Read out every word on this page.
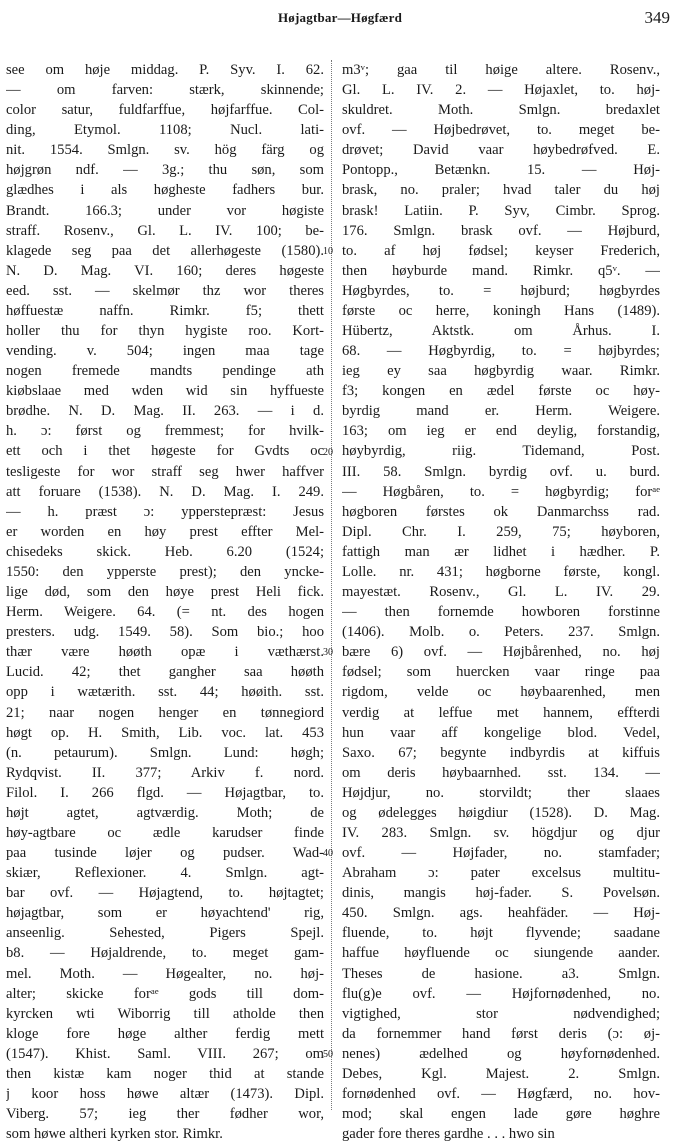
Højagtbar—Høgfærd	349
see om høje middag. P. Syv. I. 62.
— om farven: stærk, skinnende;
color satur, fuldfarffue, højfarffue. Col-
ding, Etymol. 1108; Nucl. lati-
nit. 1554. Smlgn. sv. hög färg og
højgrøn ndf. — 3g.; thu søn, som
glædhes i als høgheste fadhers bur.
Brandt. 166.3; under vor høgiste
straff. Rosenv., Gl. L. IV. 100; be-
klagede seg paa det allerhøgeste (1580).
N. D. Mag. VI. 160; deres høgeste
eed. sst. — skelmør thz wor theres
høffuestæ naffn. Rimkr. f5; thett
holler thu for thyn hygiste roo. Kort-
vending. v. 504; ingen maa tage
nogen fremede mandts pendinge ath
kiøbslaae med wden wid sin hyffueste
brødhe. N. D. Mag. II. 263. — i d.
h. ɔ: først og fremmest; for hvilk-
ett och i thet høgeste for Gvdts oc
tesligeste for wor straff seg hwer haffver
att foruare (1538). N. D. Mag. I. 249.
— h. præst ɔ: ypperstepræst: Jesus
er worden en høy prest effter Mel-
chisedeks skick. Heb. 6.20 (1524;
1550: den ypperste prest); den yncke-
lige død, som den høye prest Heli fick.
Herm. Weigere. 64. (= nt. des hogen
presters. udg. 1549. 58). Som bio.; hoo
thær være høøth opæ i væthærst.
Lucid. 42; thet gangher saa høøth
opp i wætærith. sst. 44; høøith. sst.
21; naar nogen henger en tønnegiord
høgt op. H. Smith, Lib. voc. lat. 453
(n. petaurum). Smlgn. Lund: høgh;
Rydqvist. II. 377; Arkiv f. nord.
Filol. I. 266 flgd. — Højagtbar, to.
højt agtet, agtværdig. Moth; de
høy-agtbare oc ædle karudser finde
paa tusinde løjer og pudser. Wad-
skiær, Reflexioner. 4. Smlgn. agt-
bar ovf. — Højagtend, to. højtagtet;
højagtbar, som er høyachtend' rig,
anseenlig. Sehested, Pigers Spejl.
b8. — Højaldrende, to. meget gam-
mel. Moth. — Høgealter, no. høj-
alter; skicke forᵃᵉ gods till dom-
kyrcken wti Wiborrig till atholde then
kloge fore høge alther ferdig mett
(1547). Khist. Saml. VIII. 267; om
then kistæ kam noger thid at stande
j koor hoss høwe altær (1473). Dipl.
Viberg. 57; ieg ther fødher wor,
som høwe altheri kyrken stor. Rimkr.
10
20
30
40
50
m3ᵛ; gaa til høige altere. Rosenv.,
Gl. L. IV. 2. — Højaxlet, to. høj-
skuldret. Moth. Smlgn. bredaxlet
ovf. — Højbedrøvet, to. meget be-
drøvet; David vaar høybedrøfved. E.
Pontopp., Betænkn. 15. — Høj-
brask, no. praler; hvad taler du høj
brask! Latiin. P. Syv, Cimbr. Sprog.
176. Smlgn. brask ovf. — Højburd,
to. af høj fødsel; keyser Frederich,
then høyburde mand. Rimkr. q5ᵛ. —
Høgbyrdes, to. = højburd; høgbyrdes
første oc herre, koningh Hans (1489).
Hübertz, Aktstk. om Århus. I.
68. — Høgbyrdig, to. = højbyrdes;
ieg ey saa høgbyrdig waar. Rimkr.
f3; kongen en ædel første oc høy-
byrdig mand er. Herm. Weigere.
163; om ieg er end deylig, forstandig,
høybyrdig, riig. Tidemand, Post.
III. 58. Smlgn. byrdig ovf. u. burd.
— Høgbåren, to. = høgbyrdig; forᵃᵉ
høgboren førstes ok Danmarchss rad.
Dipl. Chr. I. 259, 75; høyboren,
fattigh man ær lidhet i hædher. P.
Lolle. nr. 431; høgborne første, kongl.
mayestæt. Rosenv., Gl. L. IV. 29.
— then fornemde howboren forstinne
(1406). Molb. o. Peters. 237. Smlgn.
bære 6) ovf. — Højbårenhed, no. høj
fødsel; som huercken vaar ringe paa
rigdom, velde oc høybaarenhed, men
verdig at leffue met hannem, effterdi
hun vaar aff kongelige blod. Vedel,
Saxo. 67; begynte indbyrdis at kiffuis
om deris høybaarnhed. sst. 134. —
Højdjur, no. storvildt; ther slaaes
og ødeleggеs høigdiur (1528). D. Mag.
IV. 283. Smlgn. sv. högdjur og djur
ovf. — Højfader, no. stamfader;
Abraham ɔ: pater excelsus multitu-
dinis, mangis høj-fader. S. Povelsøn.
450. Smlgn. ags. heahfäder. — Høj-
fluende, to. højt flyvende; saadane
haffue høyfluende oc siungende aander.
Theses de hasione. a3. Smlgn.
flu(g)e ovf. — Højfornødenhed, no.
vigtighed, stor nødvendighed;
da fornemmer hand først deris (ɔ: øj-
nenes) ædelhed og høyfornødenhed.
Debes, Kgl. Majest. 2. Smlgn.
fornødenhed ovf. — Høgfærd, no. hov-
mod; skal engen lade gøre høghre
gader fore theres gardhe . . . hwo sin
